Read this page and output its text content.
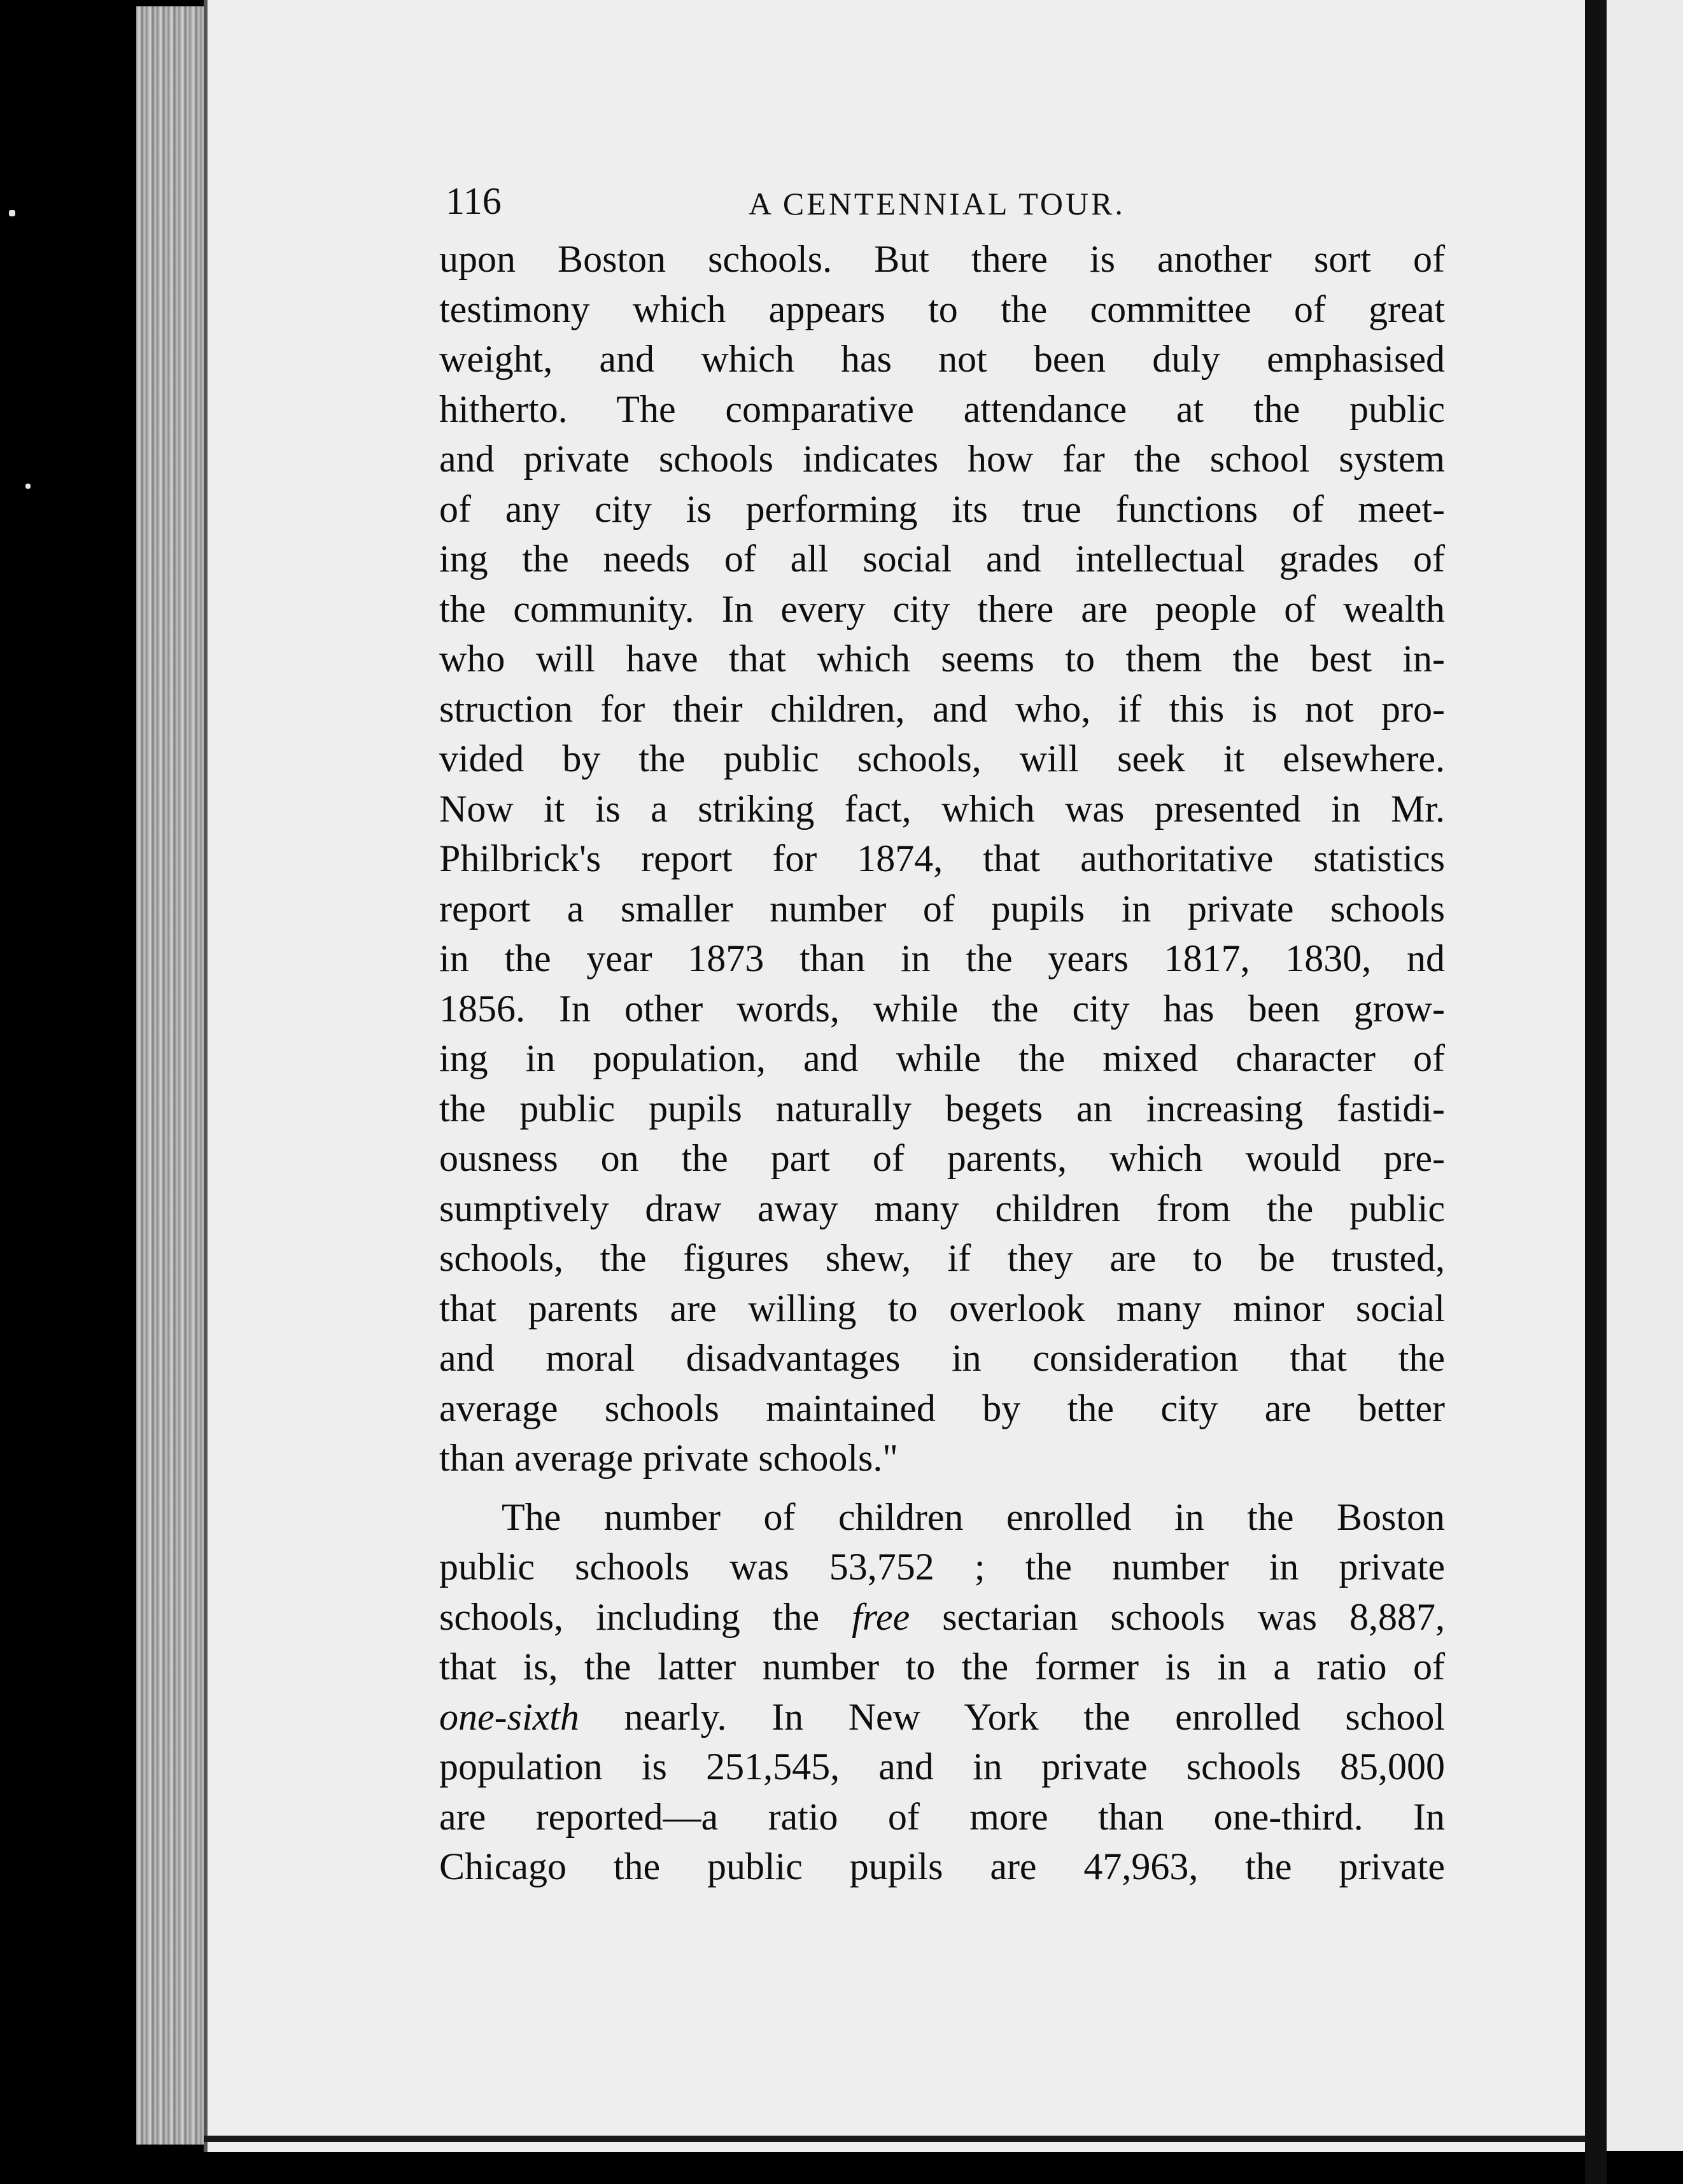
116	A CENTENNIAL TOUR.
upon Boston schools. But there is another sort of
testimony which appears to the committee of great
weight, and which has not been duly emphasised
hitherto. The comparative attendance at the public
and private schools indicates how far the school system
of any city is performing its true functions of meet-
ing the needs of all social and intellectual grades of
the community. In every city there are people of wealth
who will have that which seems to them the best in-
struction for their children, and who, if this is not pro-
vided by the public schools, will seek it elsewhere.
Now it is a striking fact, which was presented in Mr.
Philbrick's report for 1874, that authoritative statistics
report a smaller number of pupils in private schools
in the year 1873 than in the years 1817, 1830, nd
1856. In other words, while the city has been grow-
ing in population, and while the mixed character of
the public pupils naturally begets an increasing fastidi-
ousness on the part of parents, which would pre-
sumptively draw away many children from the public
schools, the figures shew, if they are to be trusted,
that parents are willing to overlook many minor social
and moral disadvantages in consideration that the
average schools maintained by the city are better
than average private schools."
The number of children enrolled in the Boston
public schools was 53,752 ; the number in private
schools, including the free sectarian schools was 8,887,
that is, the latter number to the former is in a ratio of
one-sixth nearly. In New York the enrolled school
population is 251,545, and in private schools 85,000
are reported—a ratio of more than one-third. In
Chicago the public pupils are 47,963, the private
